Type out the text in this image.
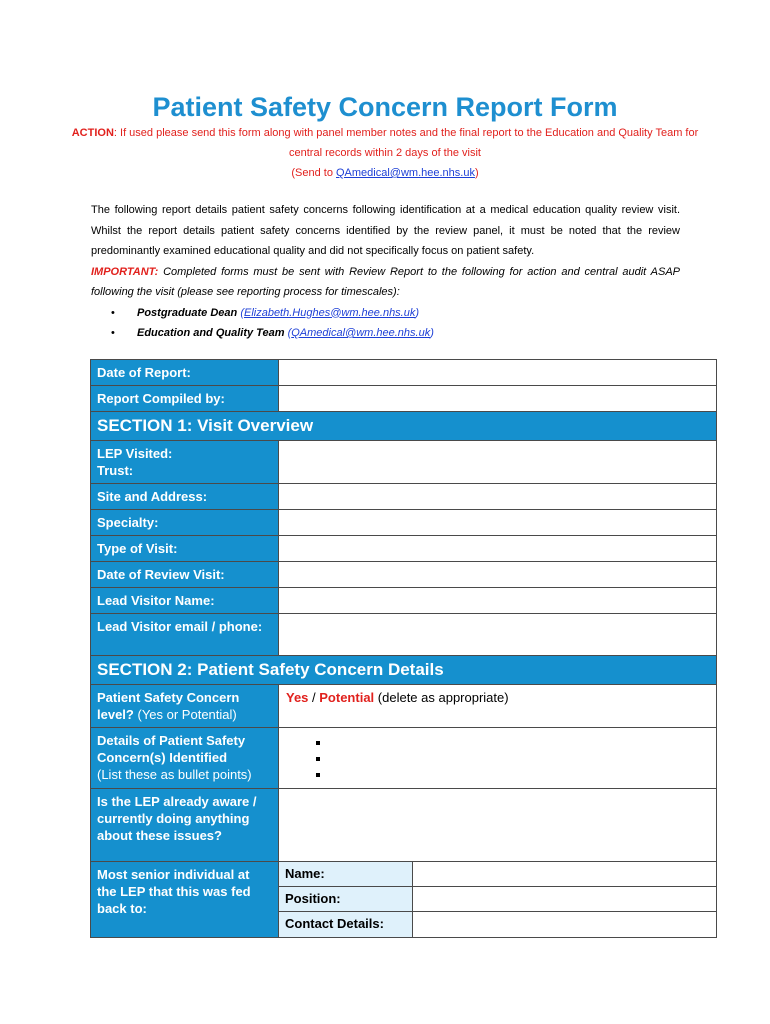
Patient Safety Concern Report Form
ACTION: If used please send this form along with panel member notes and the final report to the Education and Quality Team for central records within 2 days of the visit
(Send to QAmedical@wm.hee.nhs.uk)

The following report details patient safety concerns following identification at a medical education quality review visit. Whilst the report details patient safety concerns identified by the review panel, it must be noted that the review predominantly examined educational quality and did not specifically focus on patient safety.

IMPORTANT: Completed forms must be sent with Review Report to the following for action and central audit ASAP following the visit (please see reporting process for timescales):

• Postgraduate Dean (Elizabeth.Hughes@wm.hee.nhs.uk)
• Education and Quality Team (QAmedical@wm.hee.nhs.uk)
Date of Report:	
Report Compiled by:	
SECTION 1: Visit Overview
LEP Visited:
Trust:	
Site and Address:	
Specialty:	
Type of Visit:	
Date of Review Visit:	
Lead Visitor Name:	
Lead Visitor email / phone:	
SECTION 2: Patient Safety Concern Details
Patient Safety Concern level? (Yes or Potential)	Yes / Potential (delete as appropriate)
Details of Patient Safety Concern(s) Identified
(List these as bullet points)	

Is the LEP already aware / currently doing anything about these issues?	
Most senior individual at the LEP that this was fed back to:	
Name:	
Position:	
Contact Details:	
